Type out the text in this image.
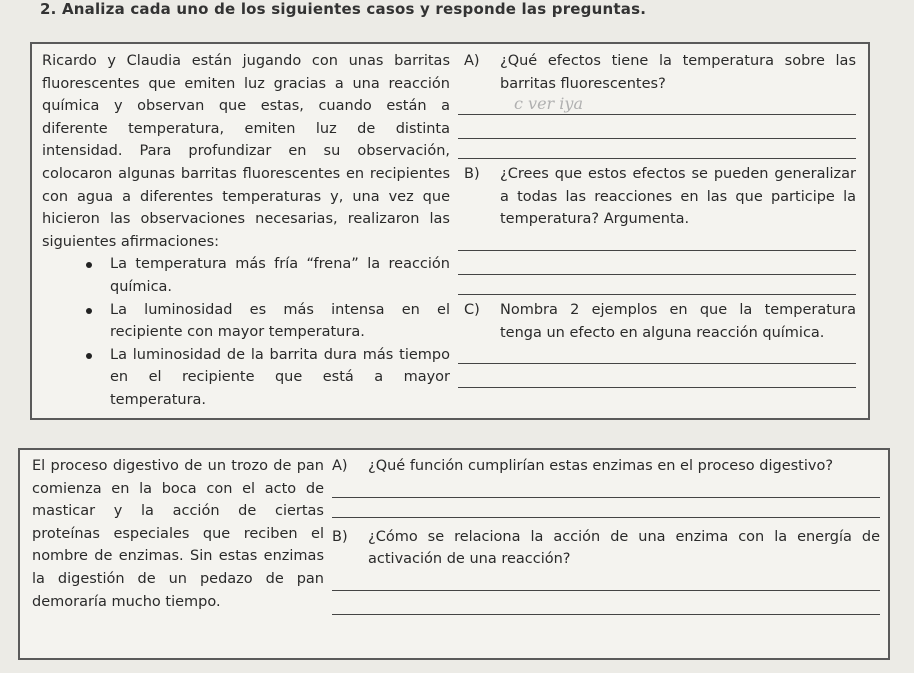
2. Analiza cada uno de los siguientes casos y responde las preguntas.
Ricardo y Claudia están jugando con unas barritas fluorescentes que emiten luz gracias a una reacción química y observan que estas, cuando están a diferente temperatura, emiten luz de distinta intensidad. Para profundizar en su observación, colocaron algunas barritas fluorescentes en recipientes con agua a diferentes temperaturas y, una vez que hicieron las observaciones necesarias, realizaron las siguientes afirmaciones:
La temperatura más fría “frena” la reacción química.
La luminosidad es más intensa en el recipiente con mayor temperatura.
La luminosidad de la barrita dura más tiempo en el recipiente que está a mayor temperatura.
A) ¿Qué efectos tiene la temperatura sobre las barritas fluorescentes?
c ver iya
B) ¿Crees que estos efectos se pueden generalizar a todas las reacciones en las que participe la temperatura? Argumenta.
C) Nombra 2 ejemplos en que la temperatura tenga un efecto en alguna reacción química.
El proceso digestivo de un trozo de pan comienza en la boca con el acto de masticar y la acción de ciertas proteínas especiales que reciben el nombre de enzimas. Sin estas enzimas la digestión de un pedazo de pan demoraría mucho tiempo.
A) ¿Qué función cumplirían estas enzimas en el proceso digestivo?
B) ¿Cómo se relaciona la acción de una enzima con la energía de activación de una reacción?
